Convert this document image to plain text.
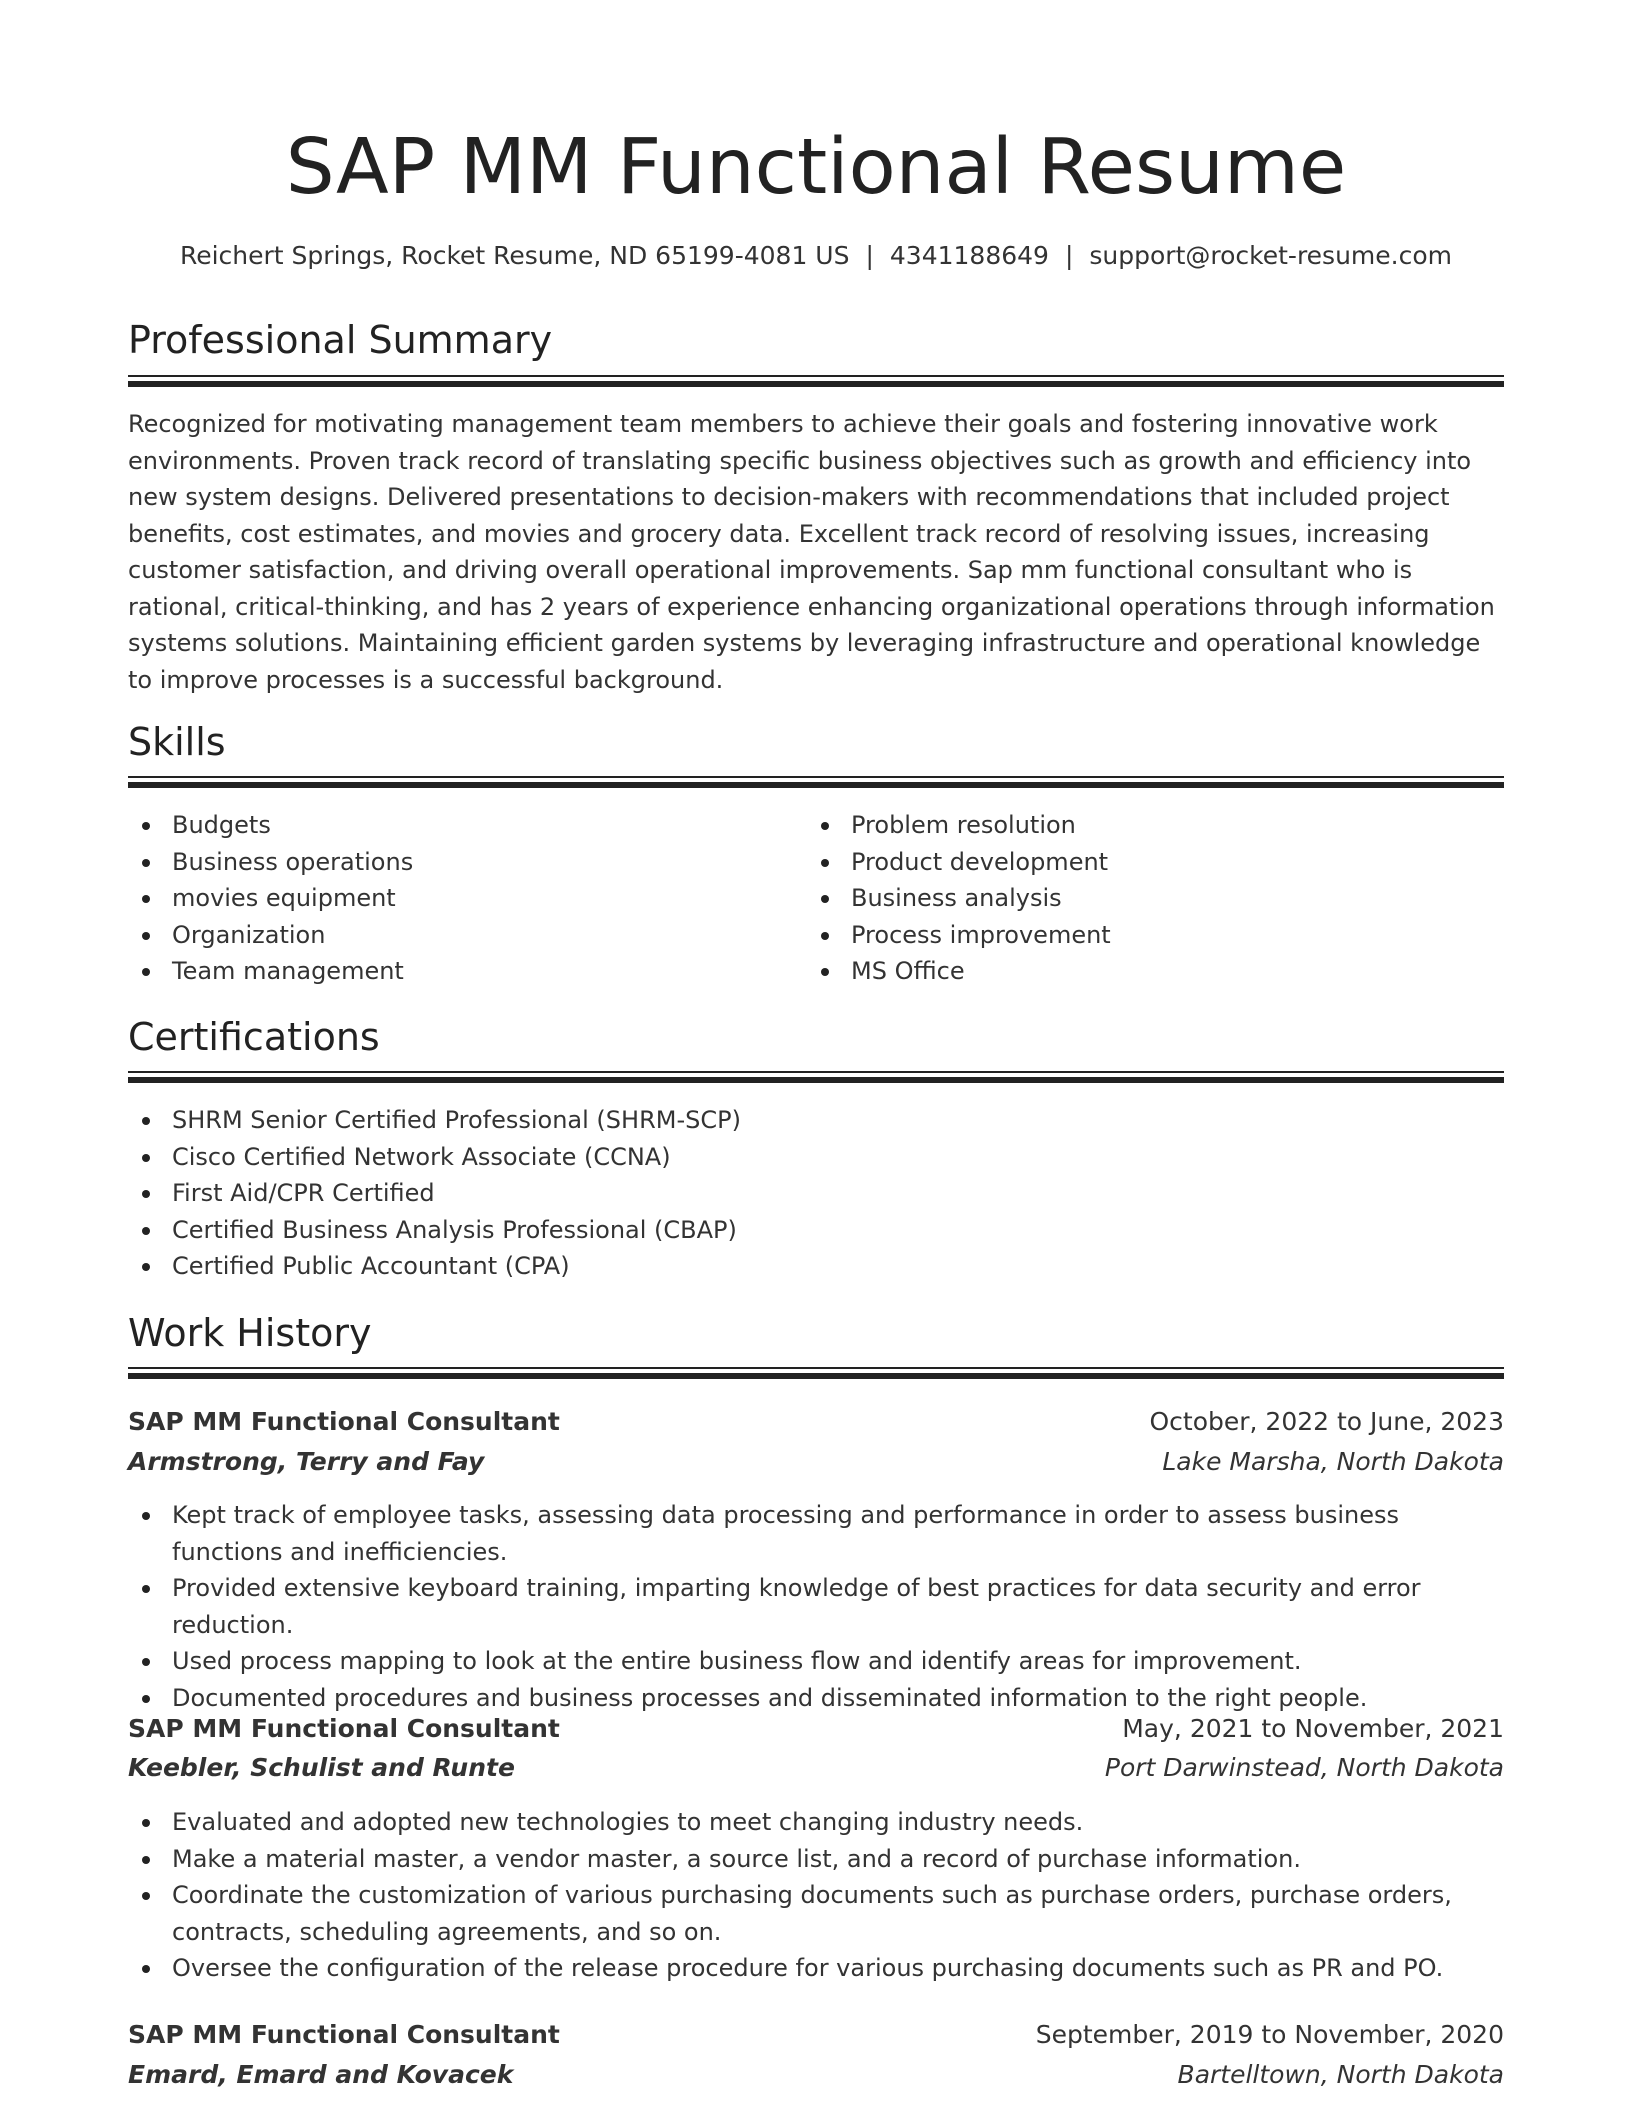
SAP MM Functional Resume
Reichert Springs, Rocket Resume, ND 65199-4081 US | 4341188649 | support@rocket-resume.com
Professional Summary
Recognized for motivating management team members to achieve their goals and fostering innovative work environments. Proven track record of translating specific business objectives such as growth and efficiency into new system designs. Delivered presentations to decision-makers with recommendations that included project benefits, cost estimates, and movies and grocery data. Excellent track record of resolving issues, increasing customer satisfaction, and driving overall operational improvements. Sap mm functional consultant who is rational, critical-thinking, and has 2 years of experience enhancing organizational operations through information systems solutions. Maintaining efficient garden systems by leveraging infrastructure and operational knowledge to improve processes is a successful background.
Skills
Budgets
Business operations
movies equipment
Organization
Team management
Problem resolution
Product development
Business analysis
Process improvement
MS Office
Certifications
SHRM Senior Certified Professional (SHRM-SCP)
Cisco Certified Network Associate (CCNA)
First Aid/CPR Certified
Certified Business Analysis Professional (CBAP)
Certified Public Accountant (CPA)
Work History
SAP MM Functional Consultant	October, 2022 to June, 2023
Armstrong, Terry and Fay	Lake Marsha, North Dakota
Kept track of employee tasks, assessing data processing and performance in order to assess business functions and inefficiencies.
Provided extensive keyboard training, imparting knowledge of best practices for data security and error reduction.
Used process mapping to look at the entire business flow and identify areas for improvement.
Documented procedures and business processes and disseminated information to the right people.
SAP MM Functional Consultant	May, 2021 to November, 2021
Keebler, Schulist and Runte	Port Darwinstead, North Dakota
Evaluated and adopted new technologies to meet changing industry needs.
Make a material master, a vendor master, a source list, and a record of purchase information.
Coordinate the customization of various purchasing documents such as purchase orders, purchase orders, contracts, scheduling agreements, and so on.
Oversee the configuration of the release procedure for various purchasing documents such as PR and PO.
SAP MM Functional Consultant	September, 2019 to November, 2020
Emard, Emard and Kovacek	Bartelltown, North Dakota
